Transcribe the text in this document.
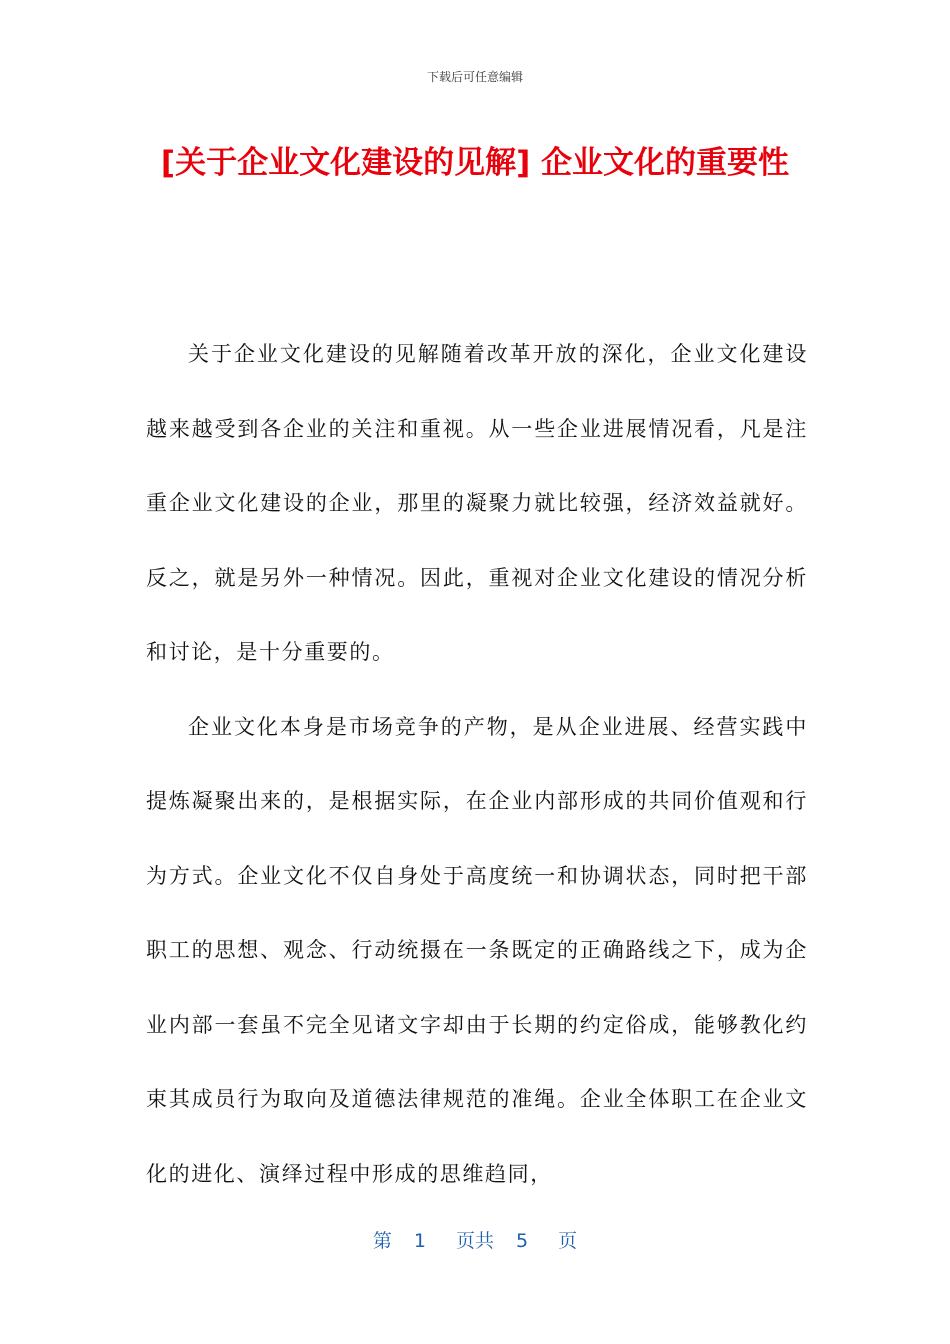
下载后可任意编辑
[关于企业文化建设的见解] 企业文化的重要性

关于企业文化建设的见解随着改革开放的深化，企业文化建设越来越受到各企业的关注和重视。从一些企业进展情况看，凡是注重企业文化建设的企业，那里的凝聚力就比较强，经济效益就好。反之，就是另外一种情况。因此，重视对企业文化建设的情况分析和讨论，是十分重要的。

企业文化本身是市场竞争的产物，是从企业进展、经营实践中提炼凝聚出来的，是根据实际，在企业内部形成的共同价值观和行为方式。企业文化不仅自身处于高度统一和协调状态，同时把干部职工的思想、观念、行动统摄在一条既定的正确路线之下，成为企业内部一套虽不完全见诸文字却由于长期的约定俗成，能够教化约束其成员行为取向及道德法律规范的准绳。企业全体职工在企业文化的进化、演绎过程中形成的思维趋同，

第 1 页共 5 页
